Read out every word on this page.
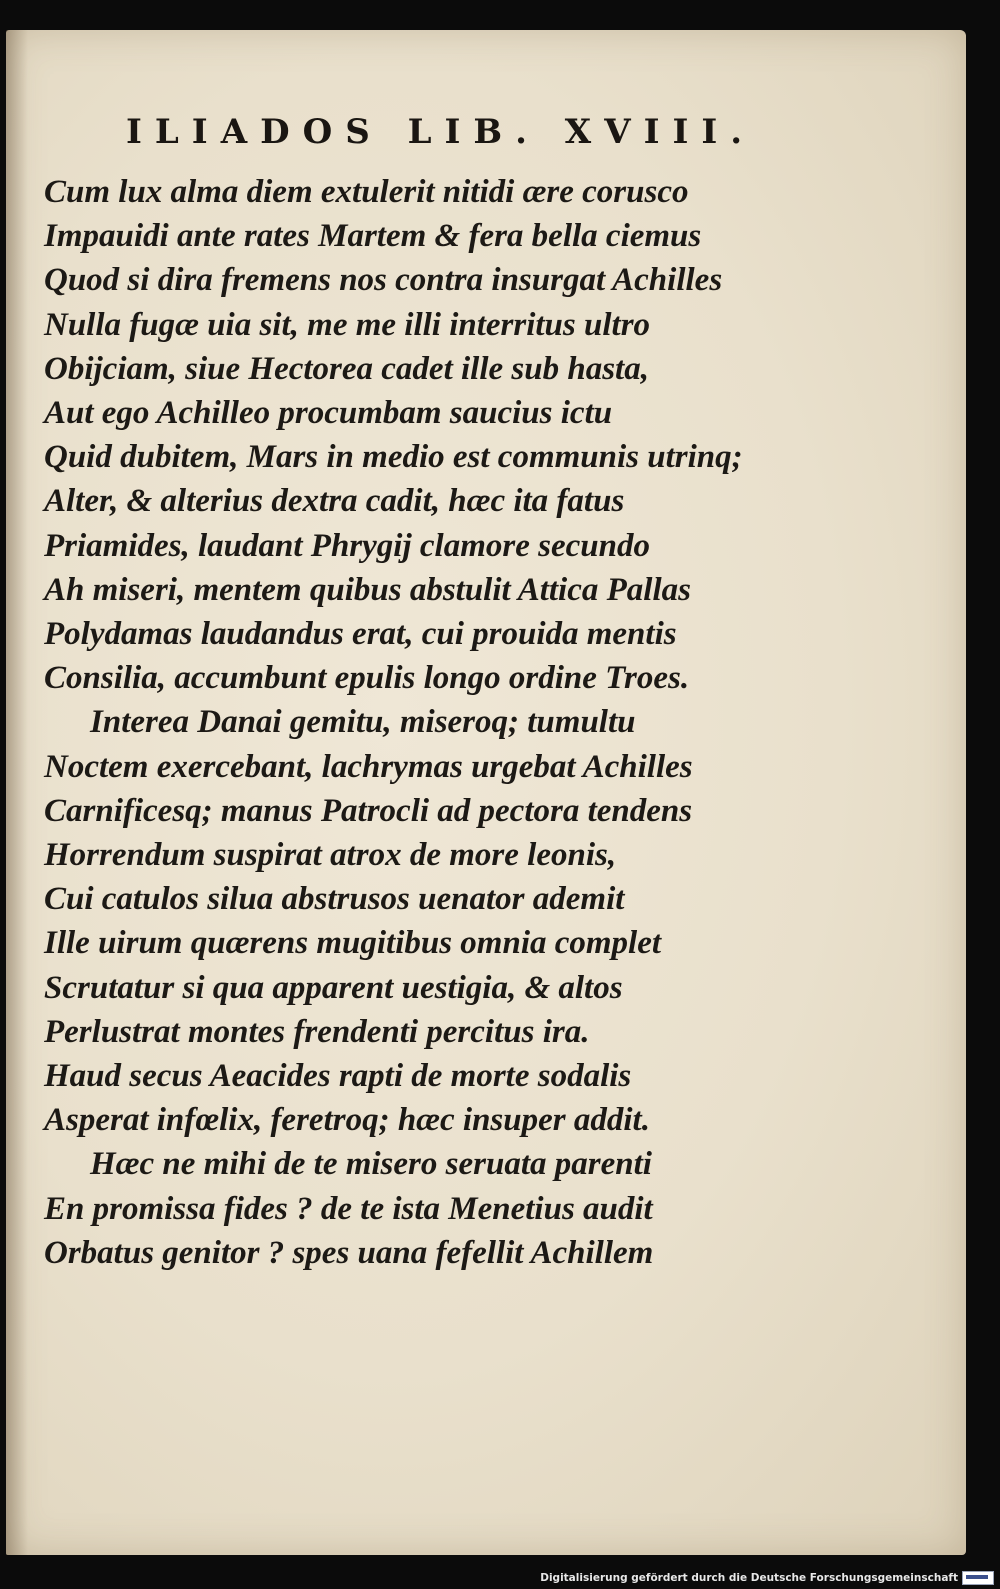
ILIADOS LIB. XVIII.
Cum lux alma diem extulerit nitidi ære corusco
Impauidi ante rates Martem & fera bella ciemus
Quod si dira fremens nos contra insurgat Achilles
Nulla fugæ uia sit, me me illi interritus ultro
Obijciam, siue Hectorea cadet ille sub hasta,
Aut ego Achilleo procumbam saucius ictu
Quid dubitem, Mars in medio est communis utrinq;
Alter, & alterius dextra cadit, hæc ita fatus
Priamides, laudant Phrygij clamore secundo
Ah miseri, mentem quibus abstulit Attica Pallas
Polydamas laudandus erat, cui prouida mentis
Consilia, accumbunt epulis longo ordine Troes.
Interea Danai gemitu, miseroq; tumultu
Noctem exercebant, lachrymas urgebat Achilles
Carnificesq; manus Patrocli ad pectora tendens
Horrendum suspirat atrox de more leonis,
Cui catulos silua abstrusos uenator ademit
Ille uirum quærens mugitibus omnia complet
Scrutatur si qua apparent uestigia, & altos
Perlustrat montes frendenti percitus ira.
Haud secus Aeacides rapti de morte sodalis
Asperat infœlix, feretroq; hæc insuper addit.
Hæc ne mihi de te misero seruata parenti
En promissa fides ? de te ista Menetius audit
Orbatus genitor ? spes uana fefellit Achillem
Digitalisierung gefördert durch die Deutsche Forschungsgemeinschaft
